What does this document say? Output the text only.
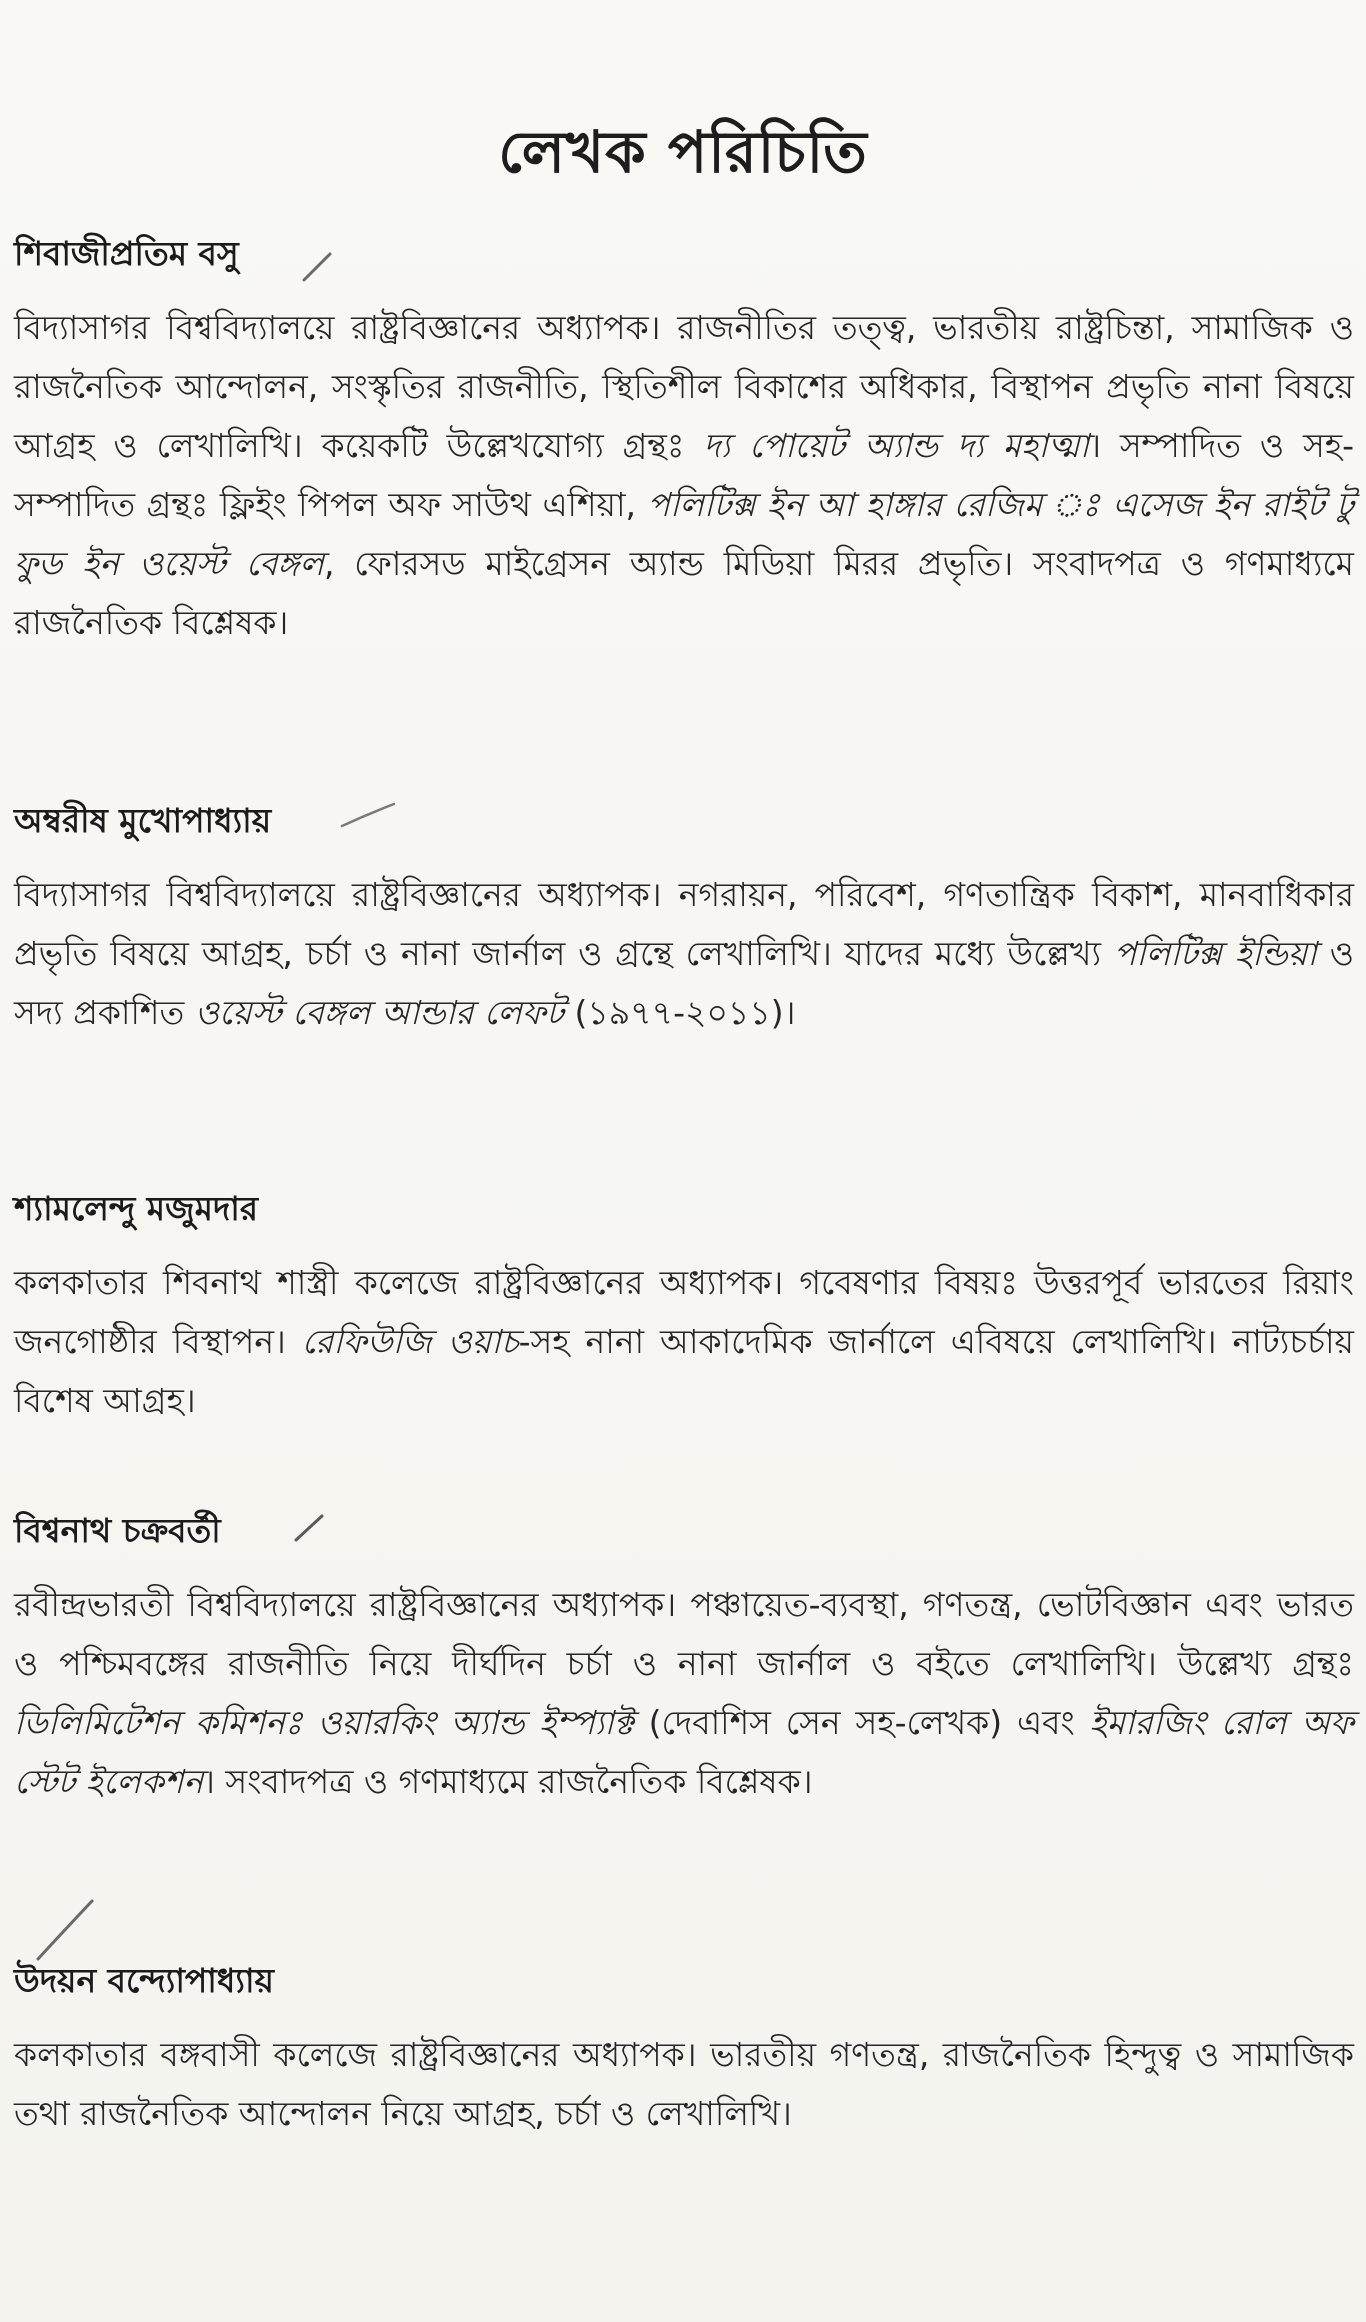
লেখক পরিচিতি
শিবাজীপ্রতিম বসু

বিদ্যাসাগর বিশ্ববিদ্যালয়ে রাষ্ট্রবিজ্ঞানের অধ্যাপক। রাজনীতির তত্ত্ব, ভারতীয় রাষ্ট্রচিন্তা, সামাজিক ও রাজনৈতিক আন্দোলন, সংস্কৃতির রাজনীতি, স্থিতিশীল বিকাশের অধিকার, বিস্থাপন প্রভৃতি নানা বিষয়ে আগ্রহ ও লেখালিখি। কয়েকটি উল্লেখযোগ্য গ্রন্থঃ দ্য পোয়েট অ্যান্ড দ্য মহাত্মা। সম্পাদিত ও সহ-সম্পাদিত গ্রন্থঃ ফ্লিইং পিপল অফ সাউথ এশিয়া, পলিটিক্স ইন আ হাঙ্গার রেজিম ঃ এসেজ ইন রাইট টু ফুড ইন ওয়েস্ট বেঙ্গল, ফোরসড মাইগ্রেসন অ্যান্ড মিডিয়া মিরর প্রভৃতি। সংবাদপত্র ও গণমাধ্যমে রাজনৈতিক বিশ্লেষক।

অম্বরীষ মুখোপাধ্যায়

বিদ্যাসাগর বিশ্ববিদ্যালয়ে রাষ্ট্রবিজ্ঞানের অধ্যাপক। নগরায়ন, পরিবেশ, গণতান্ত্রিক বিকাশ, মানবাধিকার প্রভৃতি বিষয়ে আগ্রহ, চর্চা ও নানা জার্নাল ও গ্রন্থে লেখালিখি। যাদের মধ্যে উল্লেখ্য পলিটিক্স ইন্ডিয়া ও সদ্য প্রকাশিত ওয়েস্ট বেঙ্গল আন্ডার লেফট (১৯৭৭-২০১১)।

শ্যামলেন্দু মজুমদার

কলকাতার শিবনাথ শাস্ত্রী কলেজে রাষ্ট্রবিজ্ঞানের অধ্যাপক। গবেষণার বিষয়ঃ উত্তরপূর্ব ভারতের রিয়াং জনগোষ্ঠীর বিস্থাপন। রেফিউজি ওয়াচ-সহ নানা আকাদেমিক জার্নালে এবিষয়ে লেখালিখি। নাট্যচর্চায় বিশেষ আগ্রহ।

বিশ্বনাথ চক্রবর্তী

রবীন্দ্রভারতী বিশ্ববিদ্যালয়ে রাষ্ট্রবিজ্ঞানের অধ্যাপক। পঞ্চায়েত-ব্যবস্থা, গণতন্ত্র, ভোটবিজ্ঞান এবং ভারত ও পশ্চিমবঙ্গের রাজনীতি নিয়ে দীর্ঘদিন চর্চা ও নানা জার্নাল ও বইতে লেখালিখি। উল্লেখ্য গ্রন্থঃ ডিলিমিটেশন কমিশনঃ ওয়ারকিং অ্যান্ড ইম্প্যাক্ট (দেবাশিস সেন সহ-লেখক) এবং ইমারজিং রোল অফ স্টেট ইলেকশন। সংবাদপত্র ও গণমাধ্যমে রাজনৈতিক বিশ্লেষক।

উদয়ন বন্দ্যোপাধ্যায়

কলকাতার বঙ্গবাসী কলেজে রাষ্ট্রবিজ্ঞানের অধ্যাপক। ভারতীয় গণতন্ত্র, রাজনৈতিক হিন্দুত্ব ও সামাজিক তথা রাজনৈতিক আন্দোলন নিয়ে আগ্রহ, চর্চা ও লেখালিখি।
